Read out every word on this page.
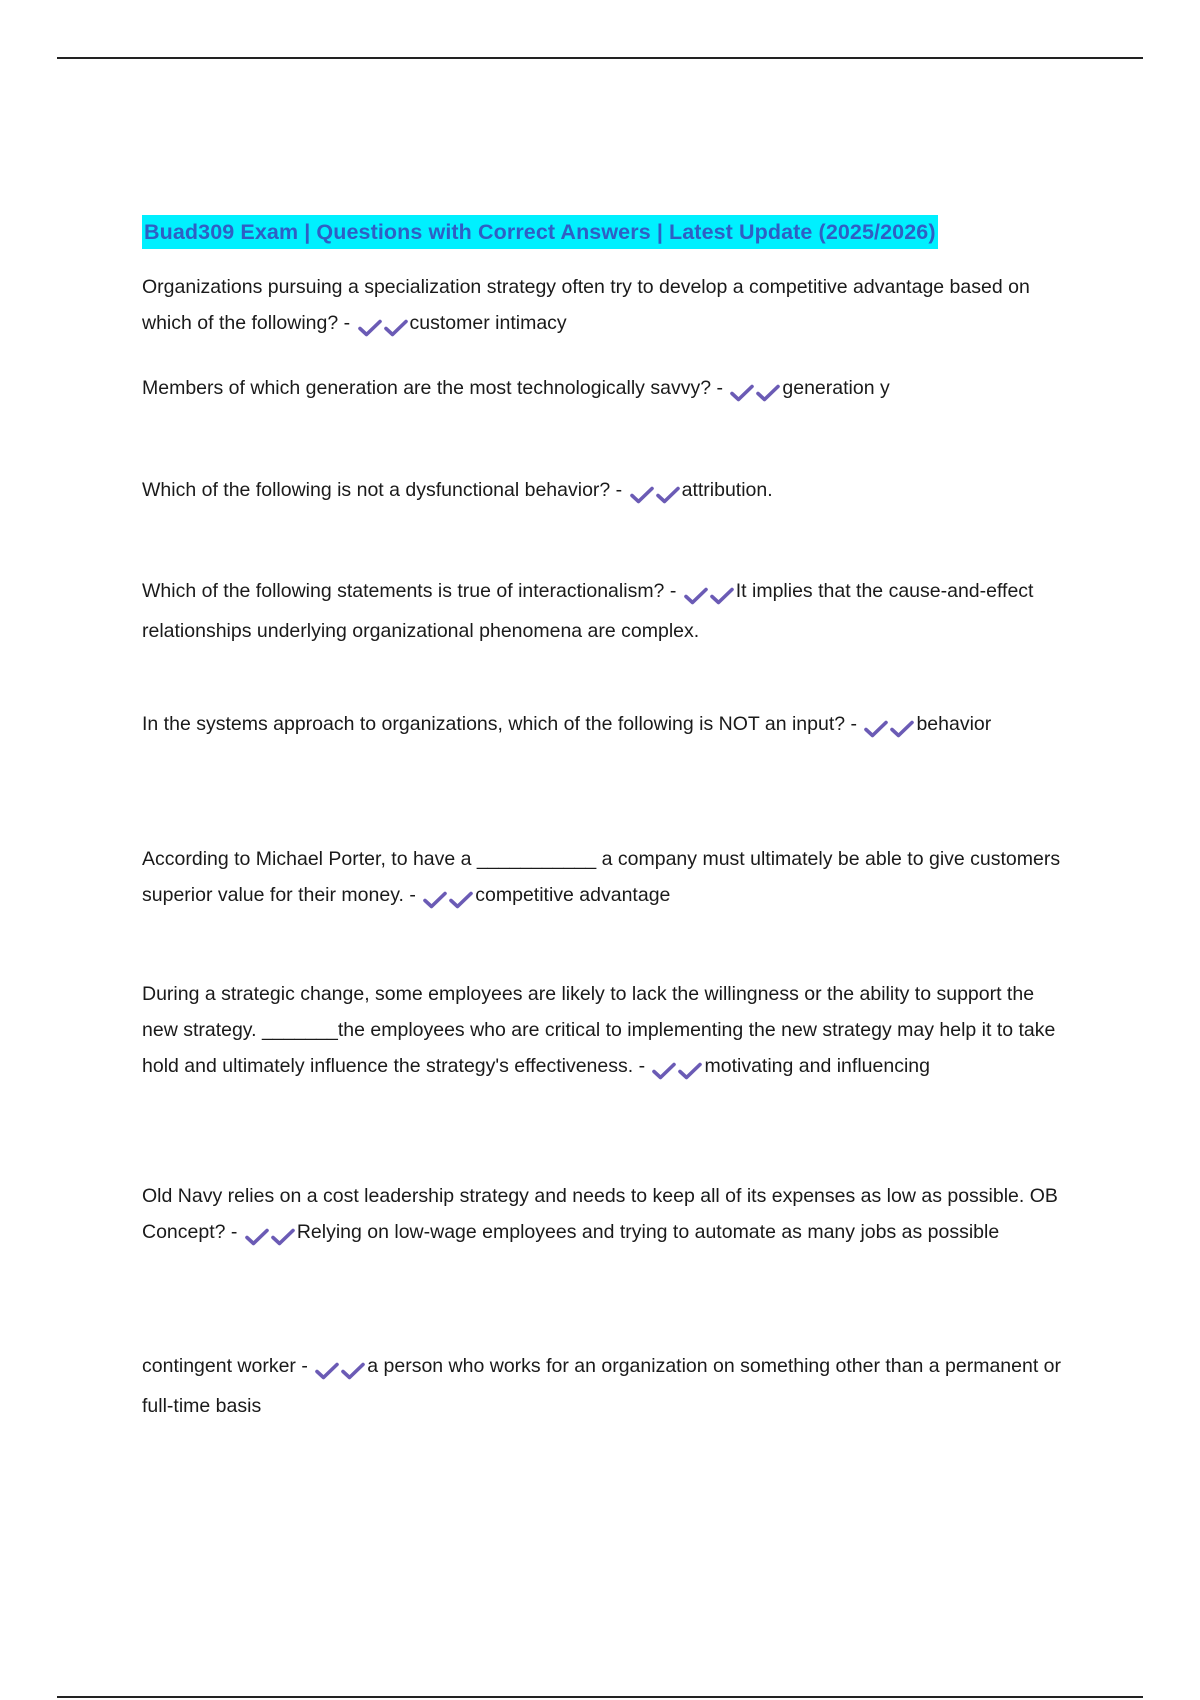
Buad309 Exam | Questions with Correct Answers | Latest Update (2025/2026)

Organizations pursuing a specialization strategy often try to develop a competitive advantage based on which of the following? -	customer intimacy

Members of which generation are the most technologically savvy? -	generation y

Which of the following is not a dysfunctional behavior? -	attribution.

Which of the following statements is true of interactionalism? -	It implies that the cause-and-effect relationships underlying organizational phenomena are complex.

In the systems approach to organizations, which of the following is NOT an input? -	behavior

According to Michael Porter, to have a ___________ a company must ultimately be able to give customers superior value for their money. -	competitive advantage

During a strategic change, some employees are likely to lack the willingness or the ability to support the new strategy. _______the employees who are critical to implementing the new strategy may help it to take hold and ultimately influence the strategy's effectiveness. -	motivating and influencing

Old Navy relies on a cost leadership strategy and needs to keep all of its expenses as low as possible. OB Concept? -	Relying on low-wage employees and trying to automate as many jobs as possible

contingent worker -	a person who works for an organization on something other than a permanent or full-time basis
